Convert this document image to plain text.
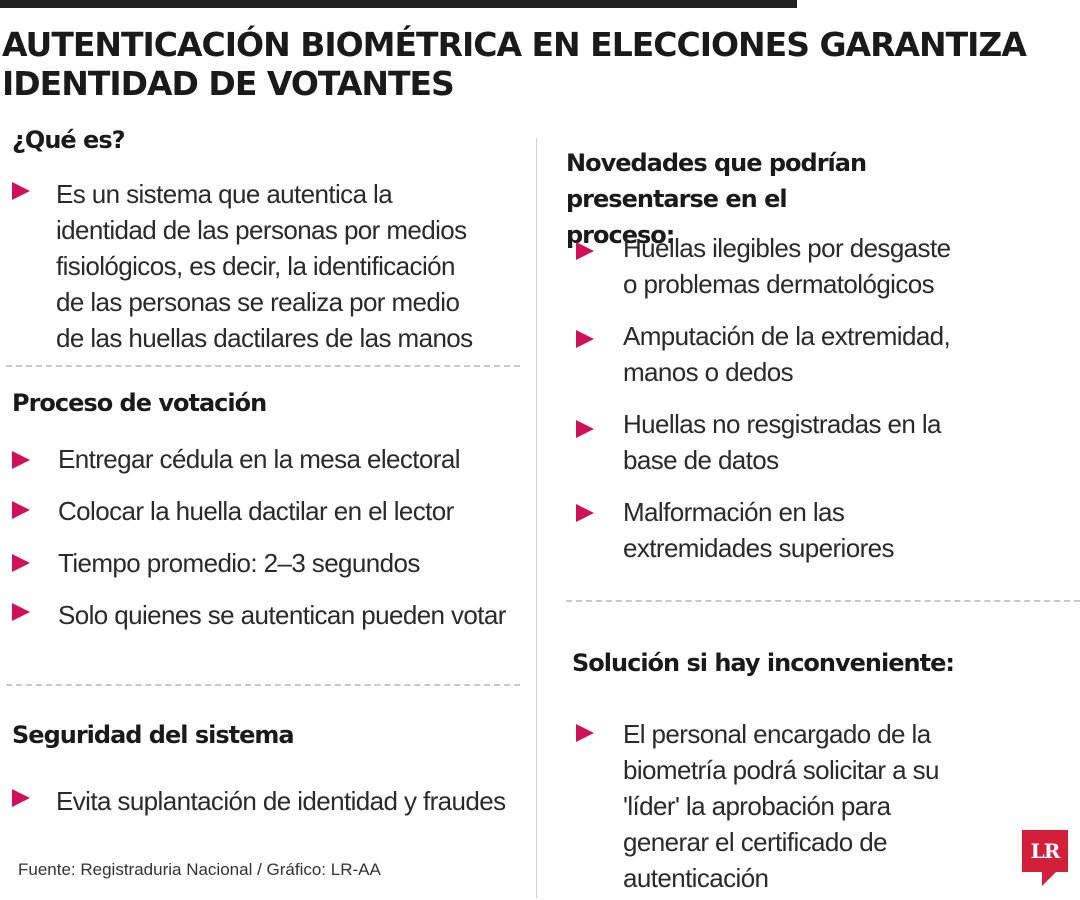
AUTENTICACIÓN BIOMÉTRICA EN ELECCIONES GARANTIZA IDENTIDAD DE VOTANTES
¿Qué es?
Es un sistema que autentica la identidad de las personas por medios fisiológicos, es decir, la identificación de las personas se realiza por medio de las huellas dactilares de las manos
Proceso de votación
Entregar cédula en la mesa electoral
Colocar la huella dactilar en el lector
Tiempo promedio: 2–3 segundos
Solo quienes se autentican pueden votar
Seguridad del sistema
Evita suplantación de identidad y fraudes
Fuente: Registraduria Nacional / Gráfico: LR-AA
Novedades que podrían presentarse en el proceso:
Huellas ilegibles por desgaste o problemas dermatológicos
Amputación de la extremidad, manos o dedos
Huellas no resgistradas en la base de datos
Malformación en las extremidades superiores
Solución si hay inconveniente:
El personal encargado de la biometría podrá solicitar a su 'líder' la aprobación para generar el certificado de autenticación
LR
